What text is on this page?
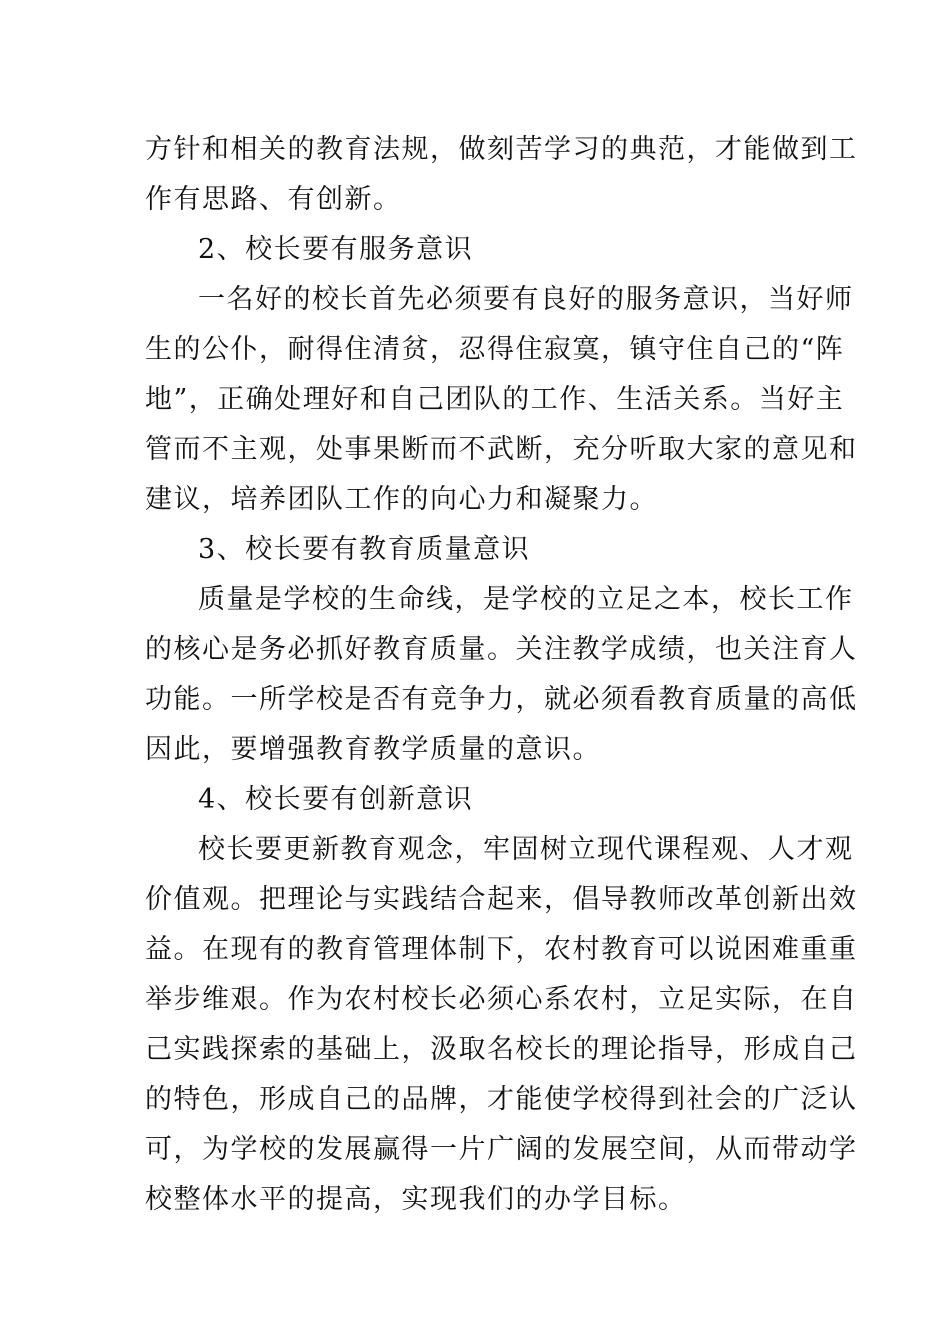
方针和相关的教育法规，做刻苦学习的典范，才能做到工
作有思路、有创新。
2、校长要有服务意识
一名好的校长首先必须要有良好的服务意识，当好师
生的公仆，耐得住清贫，忍得住寂寞，镇守住自己的“阵
地”，正确处理好和自己团队的工作、生活关系。当好主
管而不主观，处事果断而不武断，充分听取大家的意见和
建议，培养团队工作的向心力和凝聚力。
3、校长要有教育质量意识
质量是学校的生命线，是学校的立足之本，校长工作
的核心是务必抓好教育质量。关注教学成绩，也关注育人
功能。一所学校是否有竞争力，就必须看教育质量的高低
因此，要增强教育教学质量的意识。
4、校长要有创新意识
校长要更新教育观念，牢固树立现代课程观、人才观
价值观。把理论与实践结合起来，倡导教师改革创新出效
益。在现有的教育管理体制下，农村教育可以说困难重重
举步维艰。作为农村校长必须心系农村，立足实际，在自
己实践探索的基础上，汲取名校长的理论指导，形成自己
的特色，形成自己的品牌，才能使学校得到社会的广泛认
可，为学校的发展赢得一片广阔的发展空间，从而带动学
校整体水平的提高，实现我们的办学目标。
